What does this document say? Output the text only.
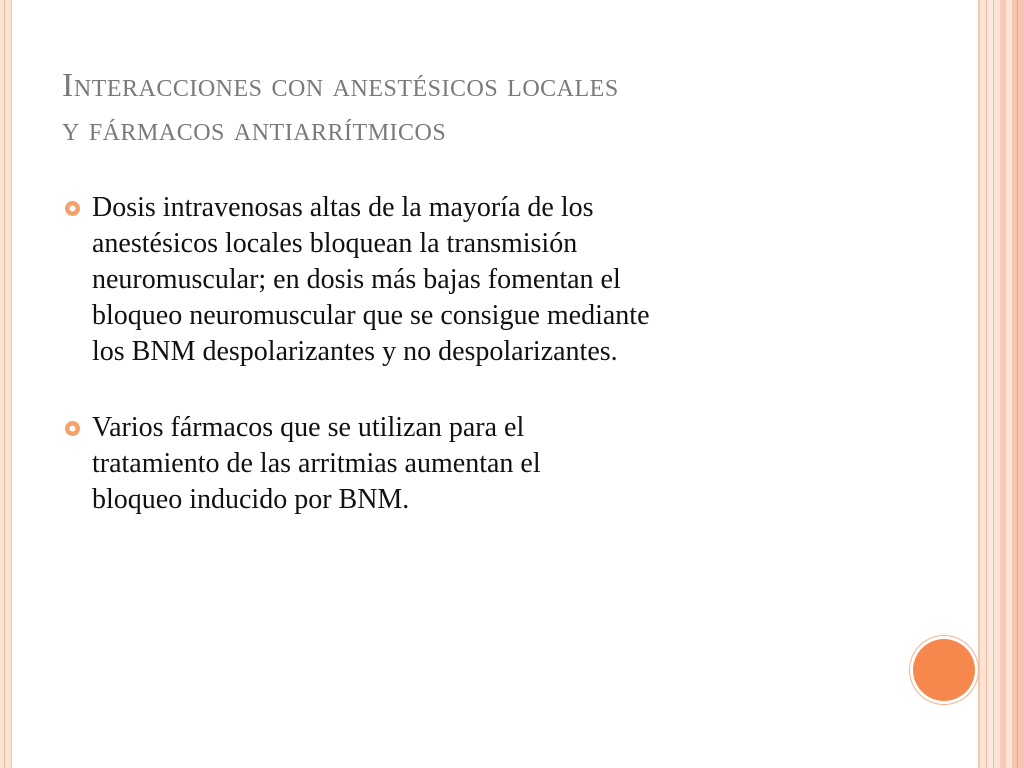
Interacciones con anestésicos locales
y fármacos antiarrítmicos
Dosis intravenosas altas de la mayoría de los
anestésicos locales bloquean la transmisión
neuromuscular; en dosis más bajas fomentan el
bloqueo neuromuscular que se consigue mediante
los BNM despolarizantes y no despolarizantes.
Varios fármacos que se utilizan para el
tratamiento de las arritmias aumentan el
bloqueo inducido por BNM.
